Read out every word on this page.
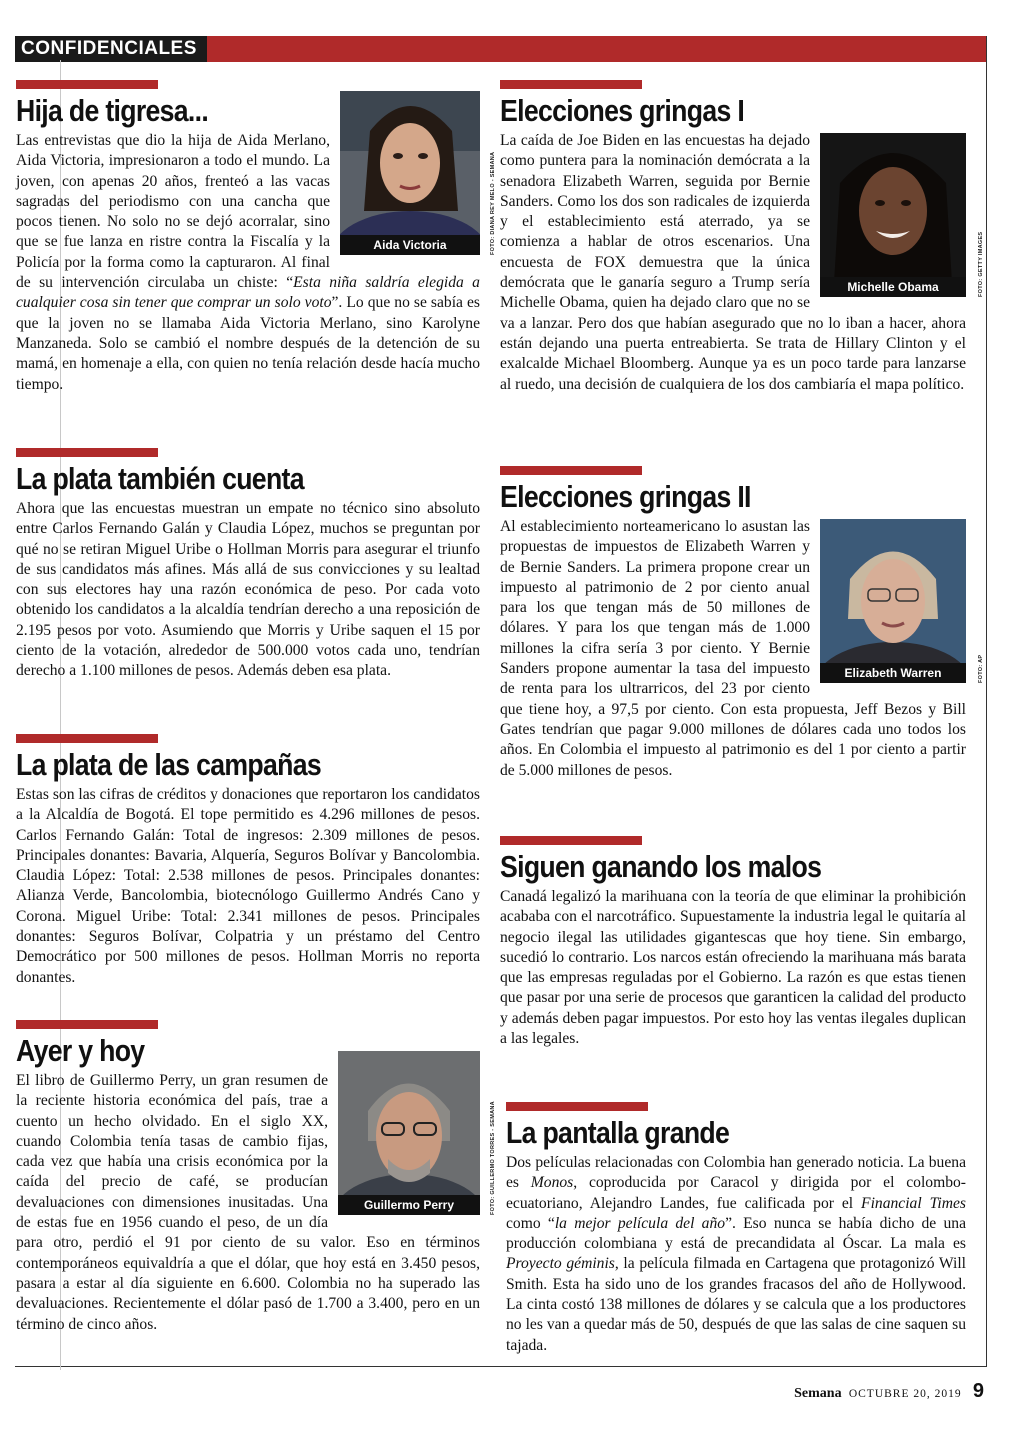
CONFIDENCIALES
Hija de tigresa...
Aida Victoria	FOTO: DIANA REY MELO - SEMANA

Las entrevistas que dio la hija de Aida Merlano, Aida Victoria, impresionaron a todo el mundo. La joven, con apenas 20 años, frenteó a las vacas sagradas del periodismo con una cancha que pocos tienen. No solo no se dejó acorralar, sino que se fue lanza en ristre contra la Fiscalía y la Policía por la forma como la capturaron. Al final de su intervención circulaba un chiste: “Esta niña saldría elegida a cualquier cosa sin tener que comprar un solo voto”. Lo que no se sabía es que la joven no se llamaba Aida Victoria Merlano, sino Karolyne Manzaneda. Solo se cambió el nombre después de la detención de su mamá, en homenaje a ella, con quien no tenía relación desde hacía mucho tiempo.

La plata también cuenta

Ahora que las encuestas muestran un empate no técnico sino absoluto entre Carlos Fernando Galán y Claudia López, muchos se preguntan por qué no se retiran Miguel Uribe o Hollman Morris para asegurar el triunfo de sus candidatos más afines. Más allá de sus convicciones y su lealtad con sus electores hay una razón económica de peso. Por cada voto obtenido los candidatos a la alcaldía tendrían derecho a una reposición de 2.195 pesos por voto. Asumiendo que Morris y Uribe saquen el 15 por ciento de la votación, alrededor de 500.000 votos cada uno, tendrían derecho a 1.100 millones de pesos. Además deben esa plata.

La plata de las campañas

Estas son las cifras de créditos y donaciones que reportaron los candidatos a la Alcaldía de Bogotá. El tope permitido es 4.296 millones de pesos. Carlos Fernando Galán: Total de ingresos: 2.309 millones de pesos. Principales donantes: Bavaria, Alquería, Seguros Bolívar y Bancolombia. Claudia López: Total: 2.538 millones de pesos. Principales donantes: Alianza Verde, Bancolombia, biotecnólogo Guillermo Andrés Cano y Corona. Miguel Uribe: Total: 2.341 millones de pesos. Principales donantes: Seguros Bolívar, Colpatria y un préstamo del Centro Democrático por 500 millones de pesos. Hollman Morris no reporta donantes.

Ayer y hoy
Guillermo Perry	FOTO: GUILLERMO TORRES - SEMANA

El libro de Guillermo Perry, un gran resumen de la reciente historia económica del país, trae a cuento un hecho olvidado. En el siglo XX, cuando Colombia tenía tasas de cambio fijas, cada vez que había una crisis económica por la caída del precio de café, se producían devaluaciones con dimensiones inusitadas. Una de estas fue en 1956 cuando el peso, de un día para otro, perdió el 91 por ciento de su valor. Eso en términos contemporáneos equivaldría a que el dólar, que hoy está en 3.450 pesos, pasara a estar al día siguiente en 6.600. Colombia no ha superado las devaluaciones. Recientemente el dólar pasó de 1.700 a 3.400, pero en un término de cinco años.

Elecciones gringas I
Michelle Obama	FOTO: GETTY IMAGES

La caída de Joe Biden en las encuestas ha dejado como puntera para la nominación demócrata a la senadora Elizabeth Warren, seguida por Bernie Sanders. Como los dos son radicales de izquierda y el establecimiento está aterrado, ya se comienza a hablar de otros escenarios. Una encuesta de FOX demuestra que la única demócrata que le ganaría seguro a Trump sería Michelle Obama, quien ha dejado claro que no se va a lanzar. Pero dos que habían asegurado que no lo iban a hacer, ahora están dejando una puerta entreabierta. Se trata de Hillary Clinton y el exalcalde Michael Bloomberg. Aunque ya es un poco tarde para lanzarse al ruedo, una decisión de cualquiera de los dos cambiaría el mapa político.

Elecciones gringas II
Elizabeth Warren	FOTO: AP

Al establecimiento norteamericano lo asustan las propuestas de impuestos de Elizabeth Warren y de Bernie Sanders. La primera propone crear un impuesto al patrimonio de 2 por ciento anual para los que tengan más de 50 millones de dólares. Y para los que tengan más de 1.000 millones la cifra sería 3 por ciento. Y Bernie Sanders propone aumentar la tasa del impuesto de renta para los ultrarricos, del 23 por ciento que tiene hoy, a 97,5 por ciento. Con esta propuesta, Jeff Bezos y Bill Gates tendrían que pagar 9.000 millones de dólares cada uno todos los años. En Colombia el impuesto al patrimonio es del 1 por ciento a partir de 5.000 millones de pesos.

Siguen ganando los malos

Canadá legalizó la marihuana con la teoría de que eliminar la prohibición acababa con el narcotráfico. Supuestamente la industria legal le quitaría al negocio ilegal las utilidades gigantescas que hoy tiene. Sin embargo, sucedió lo contrario. Los narcos están ofreciendo la marihuana más barata que las empresas reguladas por el Gobierno. La razón es que estas tienen que pasar por una serie de procesos que garanticen la calidad del producto y además deben pagar impuestos. Por esto hoy las ventas ilegales duplican a las legales.

La pantalla grande

Dos películas relacionadas con Colombia han generado noticia. La buena es Monos, coproducida por Caracol y dirigida por el colombo-ecuatoriano, Alejandro Landes, fue calificada por el Financial Times como “la mejor película del año”. Eso nunca se había dicho de una producción colombiana y está de precandidata al Óscar. La mala es Proyecto géminis, la película filmada en Cartagena que protagonizó Will Smith. Esta ha sido uno de los grandes fracasos del año de Hollywood. La cinta costó 138 millones de dólares y se calcula que a los productores no les van a quedar más de 50, después de que las salas de cine saquen su tajada.

Semana OCTUBRE 20, 2019 9
